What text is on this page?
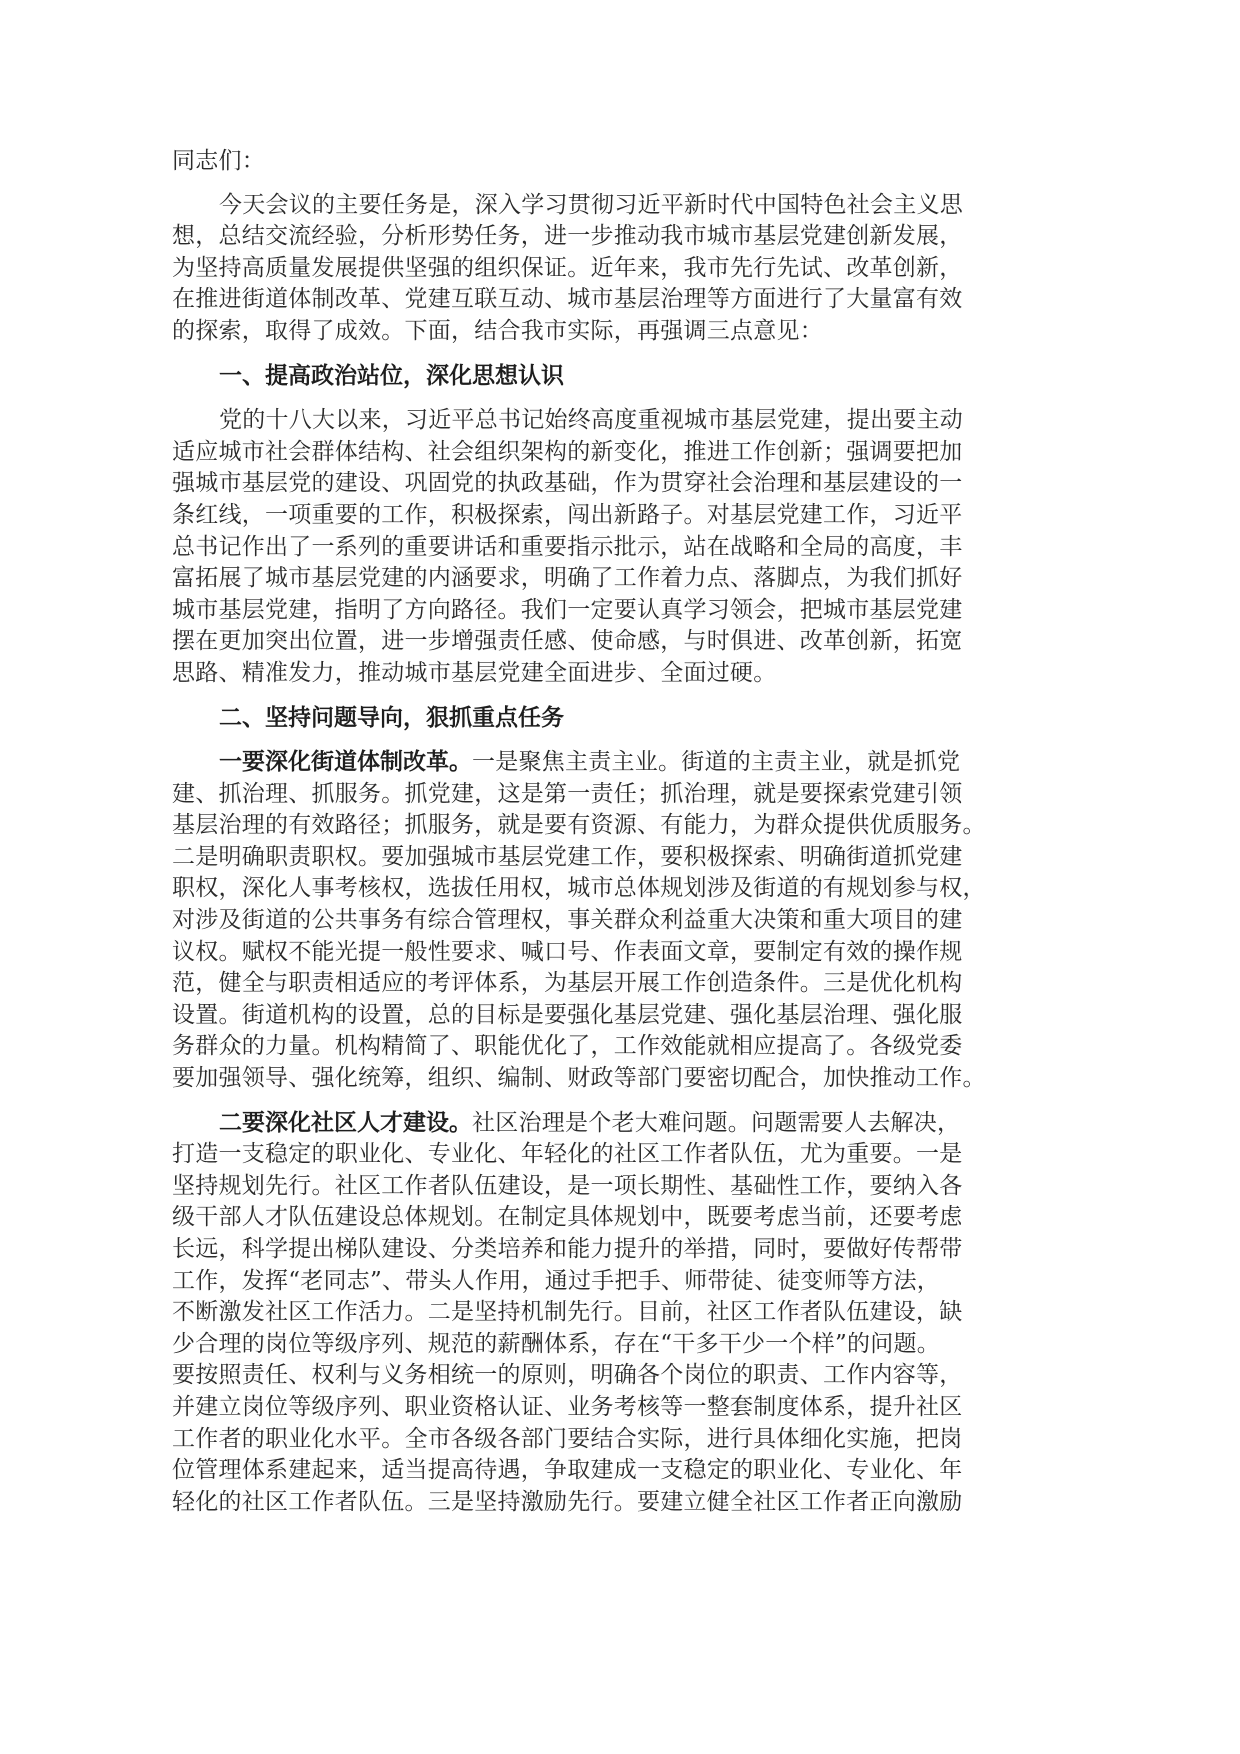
同志们：

今天会议的主要任务是，深入学习贯彻习近平新时代中国特色社会主义思
想，总结交流经验，分析形势任务，进一步推动我市城市基层党建创新发展，
为坚持高质量发展提供坚强的组织保证。近年来，我市先行先试、改革创新，
在推进街道体制改革、党建互联互动、城市基层治理等方面进行了大量富有效
的探索，取得了成效。下面，结合我市实际，再强调三点意见：

一、提高政治站位，深化思想认识

党的十八大以来，习近平总书记始终高度重视城市基层党建，提出要主动
适应城市社会群体结构、社会组织架构的新变化，推进工作创新；强调要把加
强城市基层党的建设、巩固党的执政基础，作为贯穿社会治理和基层建设的一
条红线，一项重要的工作，积极探索，闯出新路子。对基层党建工作，习近平
总书记作出了一系列的重要讲话和重要指示批示，站在战略和全局的高度，丰
富拓展了城市基层党建的内涵要求，明确了工作着力点、落脚点，为我们抓好
城市基层党建，指明了方向路径。我们一定要认真学习领会，把城市基层党建
摆在更加突出位置，进一步增强责任感、使命感，与时俱进、改革创新，拓宽
思路、精准发力，推动城市基层党建全面进步、全面过硬。

二、坚持问题导向，狠抓重点任务

一要深化街道体制改革。一是聚焦主责主业。街道的主责主业，就是抓党
建、抓治理、抓服务。抓党建，这是第一责任；抓治理，就是要探索党建引领
基层治理的有效路径；抓服务，就是要有资源、有能力，为群众提供优质服务。
二是明确职责职权。要加强城市基层党建工作，要积极探索、明确街道抓党建
职权，深化人事考核权，选拔任用权，城市总体规划涉及街道的有规划参与权，
对涉及街道的公共事务有综合管理权，事关群众利益重大决策和重大项目的建
议权。赋权不能光提一般性要求、喊口号、作表面文章，要制定有效的操作规
范，健全与职责相适应的考评体系，为基层开展工作创造条件。三是优化机构
设置。街道机构的设置，总的目标是要强化基层党建、强化基层治理、强化服
务群众的力量。机构精简了、职能优化了，工作效能就相应提高了。各级党委
要加强领导、强化统筹，组织、编制、财政等部门要密切配合，加快推动工作。

二要深化社区人才建设。社区治理是个老大难问题。问题需要人去解决，
打造一支稳定的职业化、专业化、年轻化的社区工作者队伍，尤为重要。一是
坚持规划先行。社区工作者队伍建设，是一项长期性、基础性工作，要纳入各
级干部人才队伍建设总体规划。在制定具体规划中，既要考虑当前，还要考虑
长远，科学提出梯队建设、分类培养和能力提升的举措，同时，要做好传帮带
工作，发挥“老同志”、带头人作用，通过手把手、师带徒、徒变师等方法，
不断激发社区工作活力。二是坚持机制先行。目前，社区工作者队伍建设，缺
少合理的岗位等级序列、规范的薪酬体系，存在“干多干少一个样”的问题。
要按照责任、权利与义务相统一的原则，明确各个岗位的职责、工作内容等，
并建立岗位等级序列、职业资格认证、业务考核等一整套制度体系，提升社区
工作者的职业化水平。全市各级各部门要结合实际，进行具体细化实施，把岗
位管理体系建起来，适当提高待遇，争取建成一支稳定的职业化、专业化、年
轻化的社区工作者队伍。三是坚持激励先行。要建立健全社区工作者正向激励
